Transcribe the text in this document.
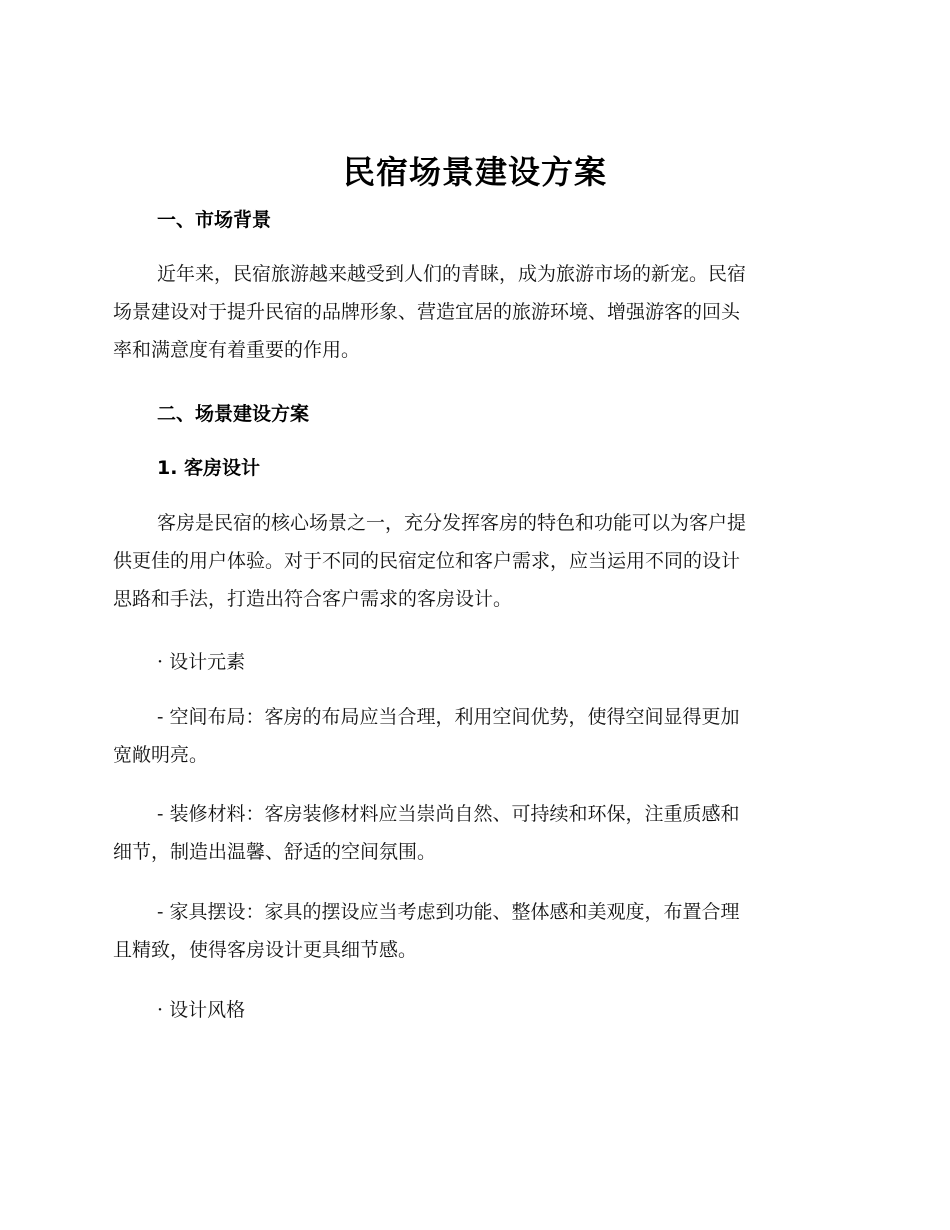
民宿场景建设方案
一、市场背景
近年来，民宿旅游越来越受到人们的青睐，成为旅游市场的新宠。民宿
场景建设对于提升民宿的品牌形象、营造宜居的旅游环境、增强游客的回头
率和满意度有着重要的作用。
二、场景建设方案
1. 客房设计
客房是民宿的核心场景之一，充分发挥客房的特色和功能可以为客户提
供更佳的用户体验。对于不同的民宿定位和客户需求，应当运用不同的设计
思路和手法，打造出符合客户需求的客房设计。
· 设计元素
- 空间布局：客房的布局应当合理，利用空间优势，使得空间显得更加
宽敞明亮。
- 装修材料：客房装修材料应当崇尚自然、可持续和环保，注重质感和
细节，制造出温馨、舒适的空间氛围。
- 家具摆设：家具的摆设应当考虑到功能、整体感和美观度，布置合理
且精致，使得客房设计更具细节感。
· 设计风格
